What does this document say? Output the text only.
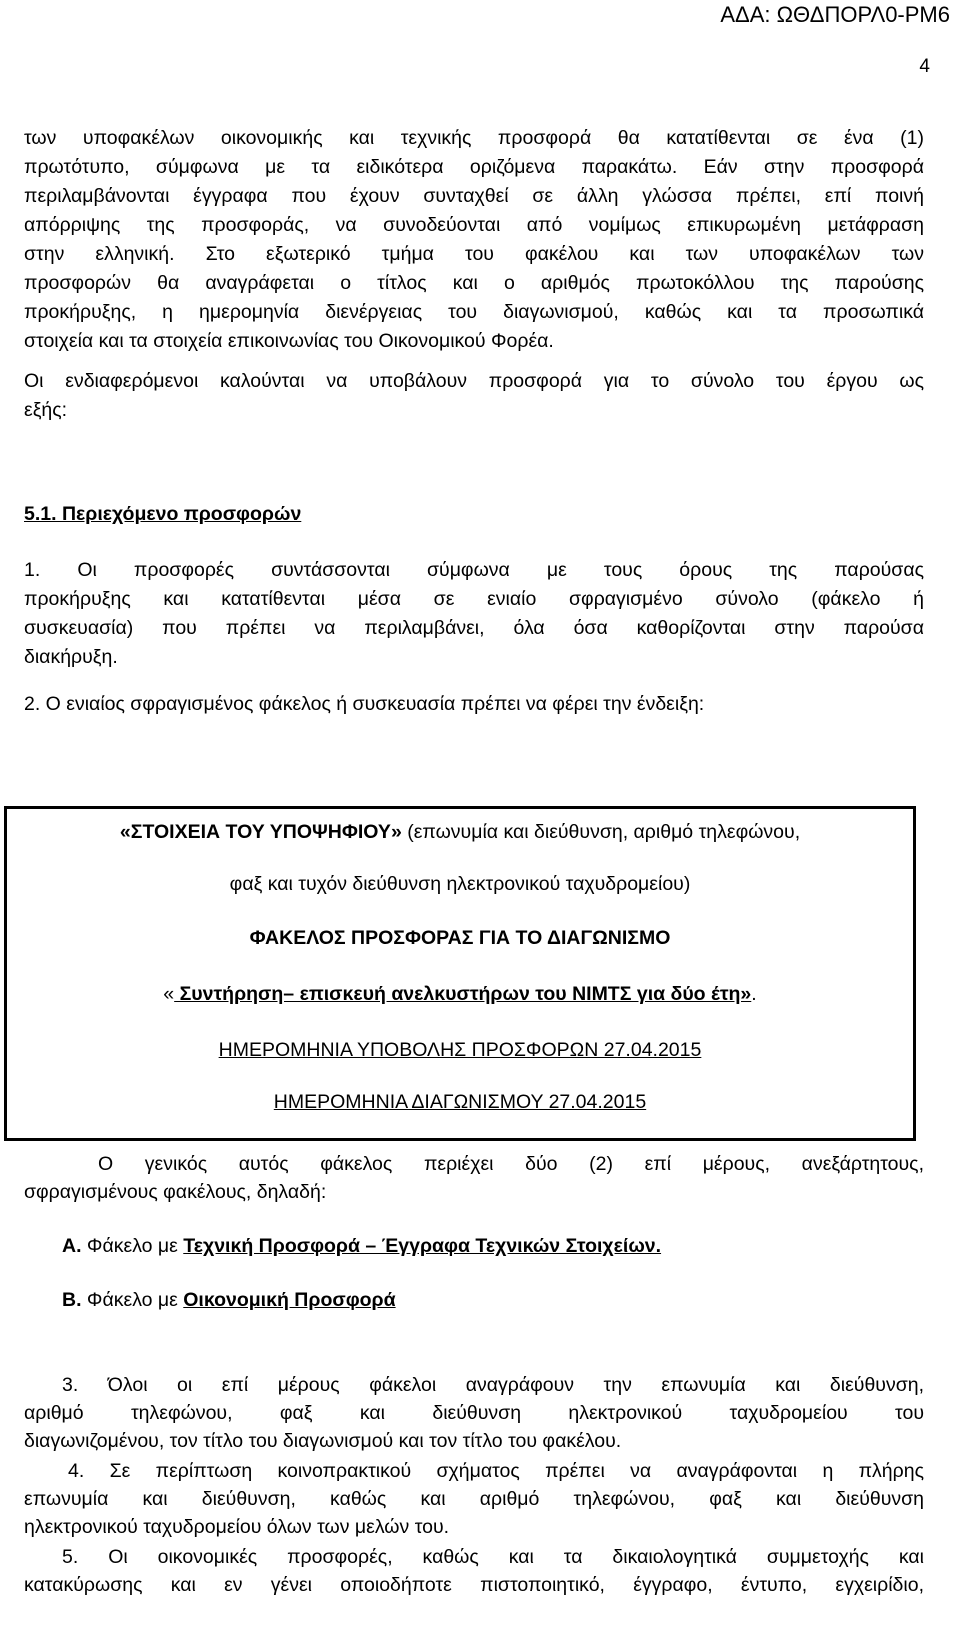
ΑΔΑ: ΩΘΔΠΟΡΛ0-ΡΜ6
4
των υποφακέλων οικονομικής και τεχνικής προσφορά θα κατατίθενται σε ένα (1)
πρωτότυπο, σύμφωνα με τα ειδικότερα οριζόμενα παρακάτω. Εάν στην προσφορά
περιλαμβάνονται έγγραφα που έχουν συνταχθεί σε άλλη γλώσσα πρέπει, επί ποινή
απόρριψης της προσφοράς, να συνοδεύονται από νομίμως επικυρωμένη μετάφραση
στην ελληνική. Στο εξωτερικό τμήμα του φακέλου και των υποφακέλων των
προσφορών θα αναγράφεται ο τίτλος και ο αριθμός πρωτοκόλλου της παρούσης
προκήρυξης, η ημερομηνία διενέργειας του διαγωνισμού, καθώς και τα προσωπικά
στοιχεία και τα στοιχεία επικοινωνίας του Οικονομικού Φορέα.
Οι ενδιαφερόμενοι καλούνται να υποβάλουν προσφορά για το σύνολο του έργου ως
εξής:
5.1. Περιεχόμενο προσφορών
1. Οι προσφορές συντάσσονται σύμφωνα με τους όρους της παρούσας
προκήρυξης και κατατίθενται μέσα σε ενιαίο σφραγισμένο σύνολο (φάκελο ή
συσκευασία) που πρέπει να περιλαμβάνει, όλα όσα καθορίζονται στην παρούσα
διακήρυξη.
2. Ο ενιαίος σφραγισμένος φάκελος ή συσκευασία πρέπει να φέρει την ένδειξη:
«ΣΤΟΙΧΕΙΑ ΤΟΥ ΥΠΟΨΗΦΙΟΥ» (επωνυμία και διεύθυνση, αριθμό τηλεφώνου,
φαξ και τυχόν διεύθυνση ηλεκτρονικού ταχυδρομείου)
ΦΑΚΕΛΟΣ ΠΡΟΣΦΟΡΑΣ ΓΙΑ ΤΟ ΔΙΑΓΩΝΙΣΜΟ
« Συντήρηση– επισκευή ανελκυστήρων του ΝΙΜΤΣ για δύο έτη».
ΗΜΕΡΟΜΗΝΙΑ ΥΠΟΒΟΛΗΣ ΠΡΟΣΦΟΡΩΝ 27.04.2015
ΗΜΕΡΟΜΗΝΙΑ ΔΙΑΓΩΝΙΣΜΟΥ 27.04.2015
Ο γενικός αυτός φάκελος περιέχει δύο (2) επί μέρους, ανεξάρτητους,
σφραγισμένους φακέλους, δηλαδή:
Α. Φάκελο με Τεχνική Προσφορά – Έγγραφα Τεχνικών Στοιχείων.
Β. Φάκελο με Οικονομική Προσφορά
3. Όλοι οι επί μέρους φάκελοι αναγράφουν την επωνυμία και διεύθυνση,
αριθμό τηλεφώνου, φαξ και διεύθυνση ηλεκτρονικού ταχυδρομείου του
διαγωνιζομένου, τον τίτλο του διαγωνισμού και τον τίτλο του φακέλου.
4. Σε περίπτωση κοινοπρακτικού σχήματος πρέπει να αναγράφονται η πλήρης
επωνυμία και διεύθυνση, καθώς και αριθμό τηλεφώνου, φαξ και διεύθυνση
ηλεκτρονικού ταχυδρομείου όλων των μελών του.
5. Οι οικονομικές προσφορές, καθώς και τα δικαιολογητικά συμμετοχής και
κατακύρωσης και εν γένει οποιοδήποτε πιστοποιητικό, έγγραφο, έντυπο, εγχειρίδιο,
